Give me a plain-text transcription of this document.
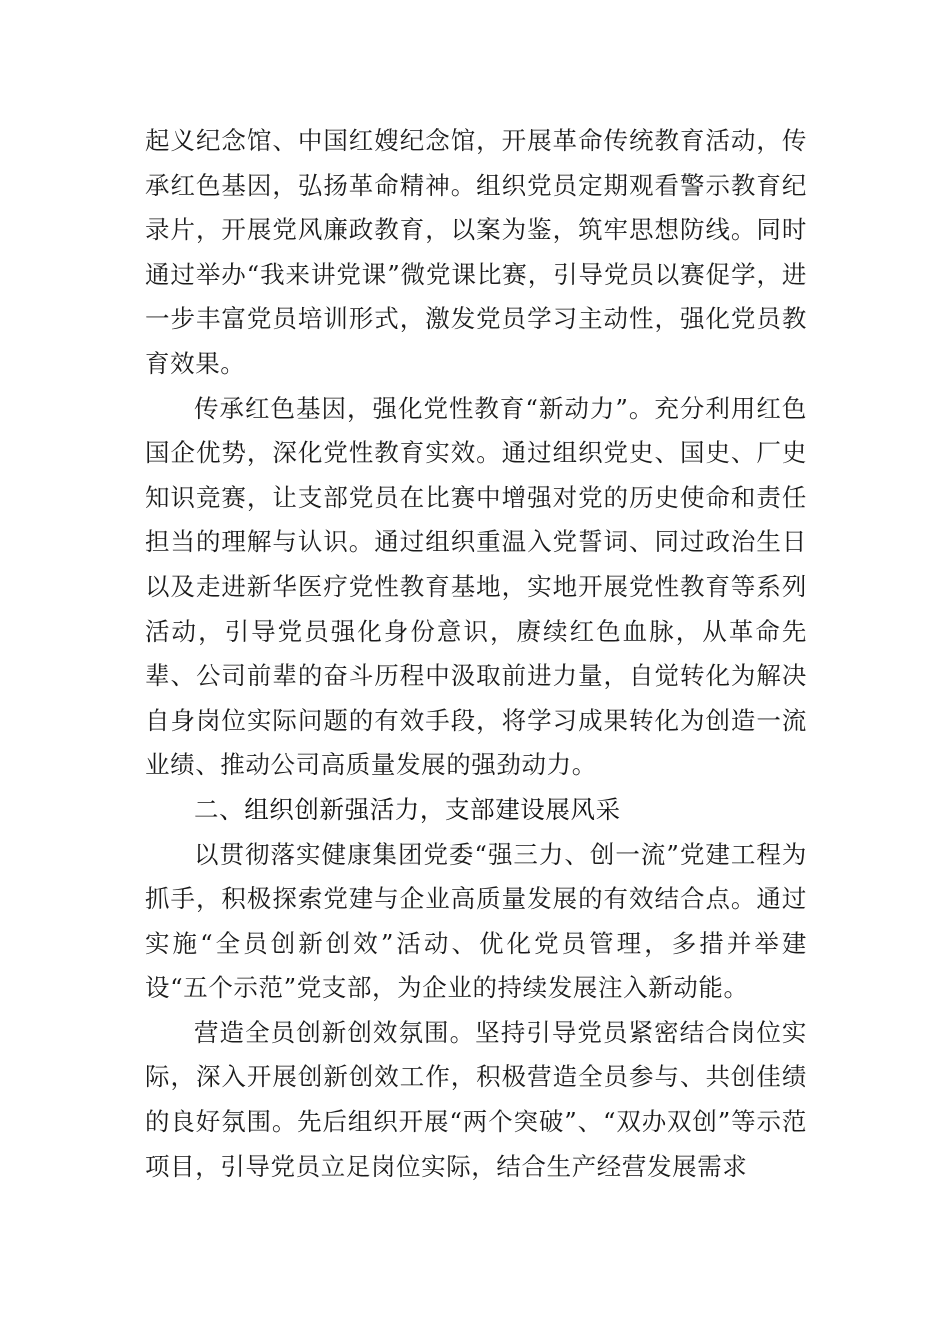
起义纪念馆、中国红嫂纪念馆，开展革命传统教育活动，传承红色基因，弘扬革命精神。组织党员定期观看警示教育纪录片，开展党风廉政教育，以案为鉴，筑牢思想防线。同时通过举办“我来讲党课”微党课比赛，引导党员以赛促学，进一步丰富党员培训形式，激发党员学习主动性，强化党员教育效果。

传承红色基因，强化党性教育“新动力”。充分利用红色国企优势，深化党性教育实效。通过组织党史、国史、厂史知识竞赛，让支部党员在比赛中增强对党的历史使命和责任担当的理解与认识。通过组织重温入党誓词、同过政治生日以及走进新华医疗党性教育基地，实地开展党性教育等系列活动，引导党员强化身份意识，赓续红色血脉，从革命先辈、公司前辈的奋斗历程中汲取前进力量，自觉转化为解决自身岗位实际问题的有效手段，将学习成果转化为创造一流业绩、推动公司高质量发展的强劲动力。

二、组织创新强活力，支部建设展风采

以贯彻落实健康集团党委“强三力、创一流”党建工程为抓手，积极探索党建与企业高质量发展的有效结合点。通过实施“全员创新创效”活动、优化党员管理，多措并举建设“五个示范”党支部，为企业的持续发展注入新动能。

营造全员创新创效氛围。坚持引导党员紧密结合岗位实际，深入开展创新创效工作，积极营造全员参与、共创佳绩的良好氛围。先后组织开展“两个突破”、“双办双创”等示范项目，引导党员立足岗位实际，结合生产经营发展需求
